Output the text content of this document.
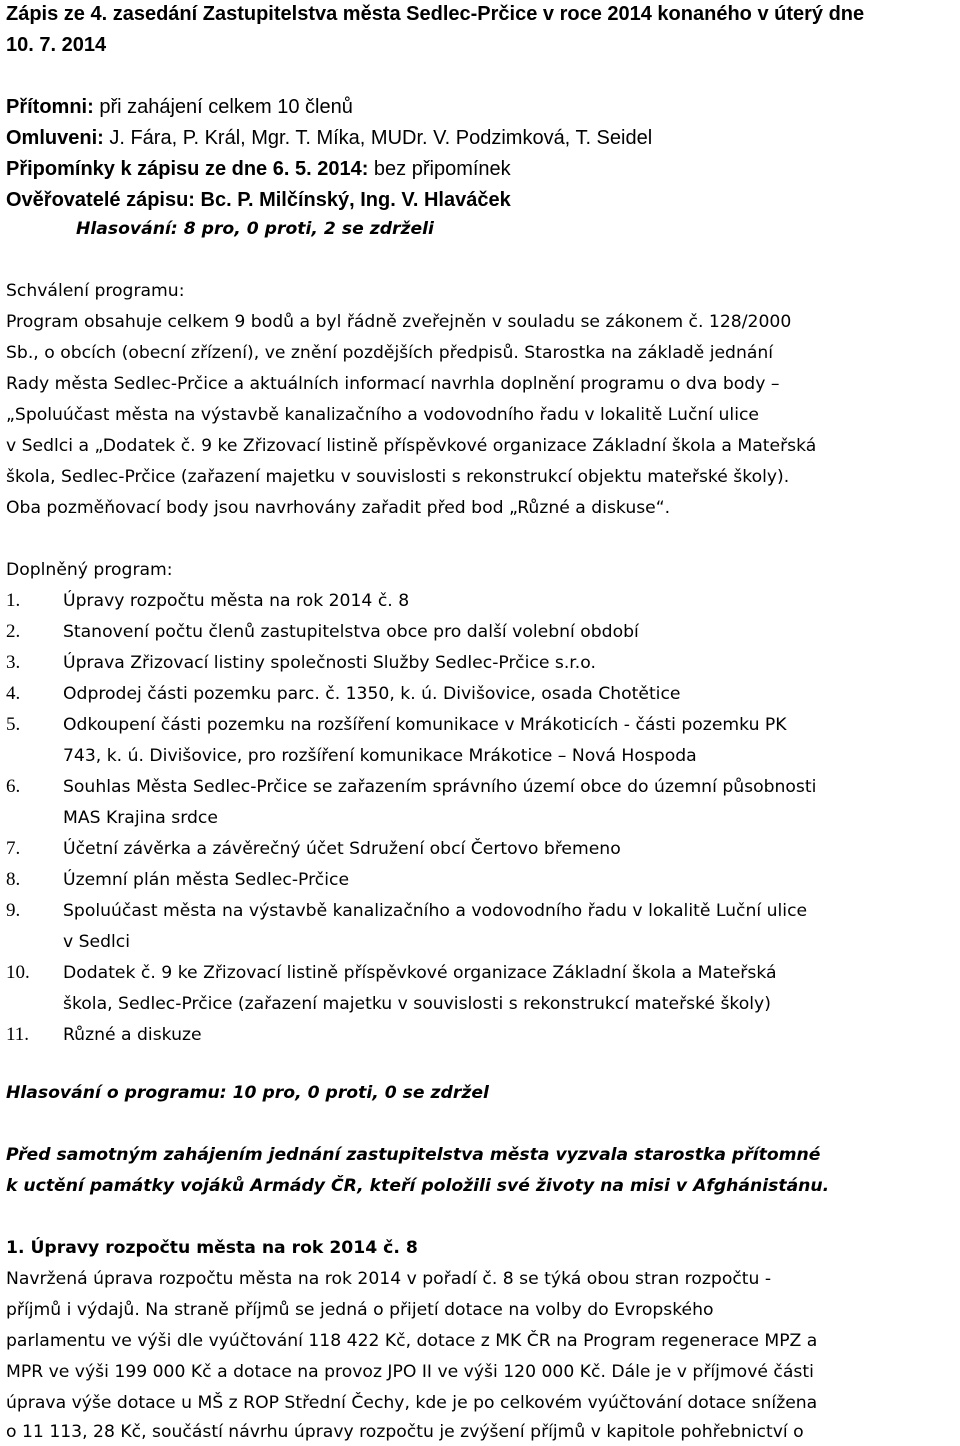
Zápis ze 4. zasedání Zastupitelstva města Sedlec-Prčice v roce 2014 konaného v úterý dne
10. 7. 2014
Přítomni: při zahájení celkem 10 členů
Omluveni: J. Fára, P. Král, Mgr. T. Míka, MUDr. V. Podzimková, T. Seidel
Připomínky k zápisu ze dne 6. 5. 2014: bez připomínek
Ověřovatelé zápisu: Bc. P. Milčínský, Ing. V. Hlaváček
Hlasování: 8 pro, 0 proti, 2 se zdrželi
Schválení programu:
Program obsahuje celkem 9 bodů a byl řádně zveřejněn v souladu se zákonem č. 128/2000
Sb., o obcích (obecní zřízení), ve znění pozdějších předpisů. Starostka na základě jednání
Rady města Sedlec-Prčice a aktuálních informací navrhla doplnění programu o dva body –
„Spoluúčast města na výstavbě kanalizačního a vodovodního řadu v lokalitě Luční ulice
v Sedlci a „Dodatek č. 9 ke Zřizovací listině příspěvkové organizace Základní škola a Mateřská
škola, Sedlec-Prčice (zařazení majetku v souvislosti s rekonstrukcí objektu mateřské školy).
Oba pozměňovací body jsou navrhovány zařadit před bod „Různé a diskuse“.
Doplněný program:
1. Úpravy rozpočtu města na rok 2014 č. 8
2. Stanovení počtu členů zastupitelstva obce pro další volební období
3. Úprava Zřizovací listiny společnosti Služby Sedlec-Prčice s.r.o.
4. Odprodej části pozemku parc. č. 1350, k. ú. Divišovice, osada Chotětice
5. Odkoupení části pozemku na rozšíření komunikace v Mrákoticích - části pozemku PK
743, k. ú. Divišovice, pro rozšíření komunikace Mrákotice – Nová Hospoda
6. Souhlas Města Sedlec-Prčice se zařazením správního území obce do územní působnosti
MAS Krajina srdce
7. Účetní závěrka a závěrečný účet Sdružení obcí Čertovo břemeno
8. Územní plán města Sedlec-Prčice
9. Spoluúčast města na výstavbě kanalizačního a vodovodního řadu v lokalitě Luční ulice
v Sedlci
10. Dodatek č. 9 ke Zřizovací listině příspěvkové organizace Základní škola a Mateřská
škola, Sedlec-Prčice (zařazení majetku v souvislosti s rekonstrukcí mateřské školy)
11. Různé a diskuze
Hlasování o programu: 10 pro, 0 proti, 0 se zdržel
Před samotným zahájením jednání zastupitelstva města vyzvala starostka přítomné
k uctění památky vojáků Armády ČR, kteří položili své životy na misi v Afghánistánu.
1. Úpravy rozpočtu města na rok 2014 č. 8
Navržená úprava rozpočtu města na rok 2014 v pořadí č. 8 se týká obou stran rozpočtu -
příjmů i výdajů. Na straně příjmů se jedná o přijetí dotace na volby do Evropského
parlamentu ve výši dle vyúčtování 118 422 Kč, dotace z MK ČR na Program regenerace MPZ a
MPR ve výši 199 000 Kč a dotace na provoz JPO II ve výši 120 000 Kč. Dále je v příjmové části
úprava výše dotace u MŠ z ROP Střední Čechy, kde je po celkovém vyúčtování dotace snížena
o 11 113, 28 Kč, součástí návrhu úpravy rozpočtu je zvýšení příjmů v kapitole pohřebnictví o
